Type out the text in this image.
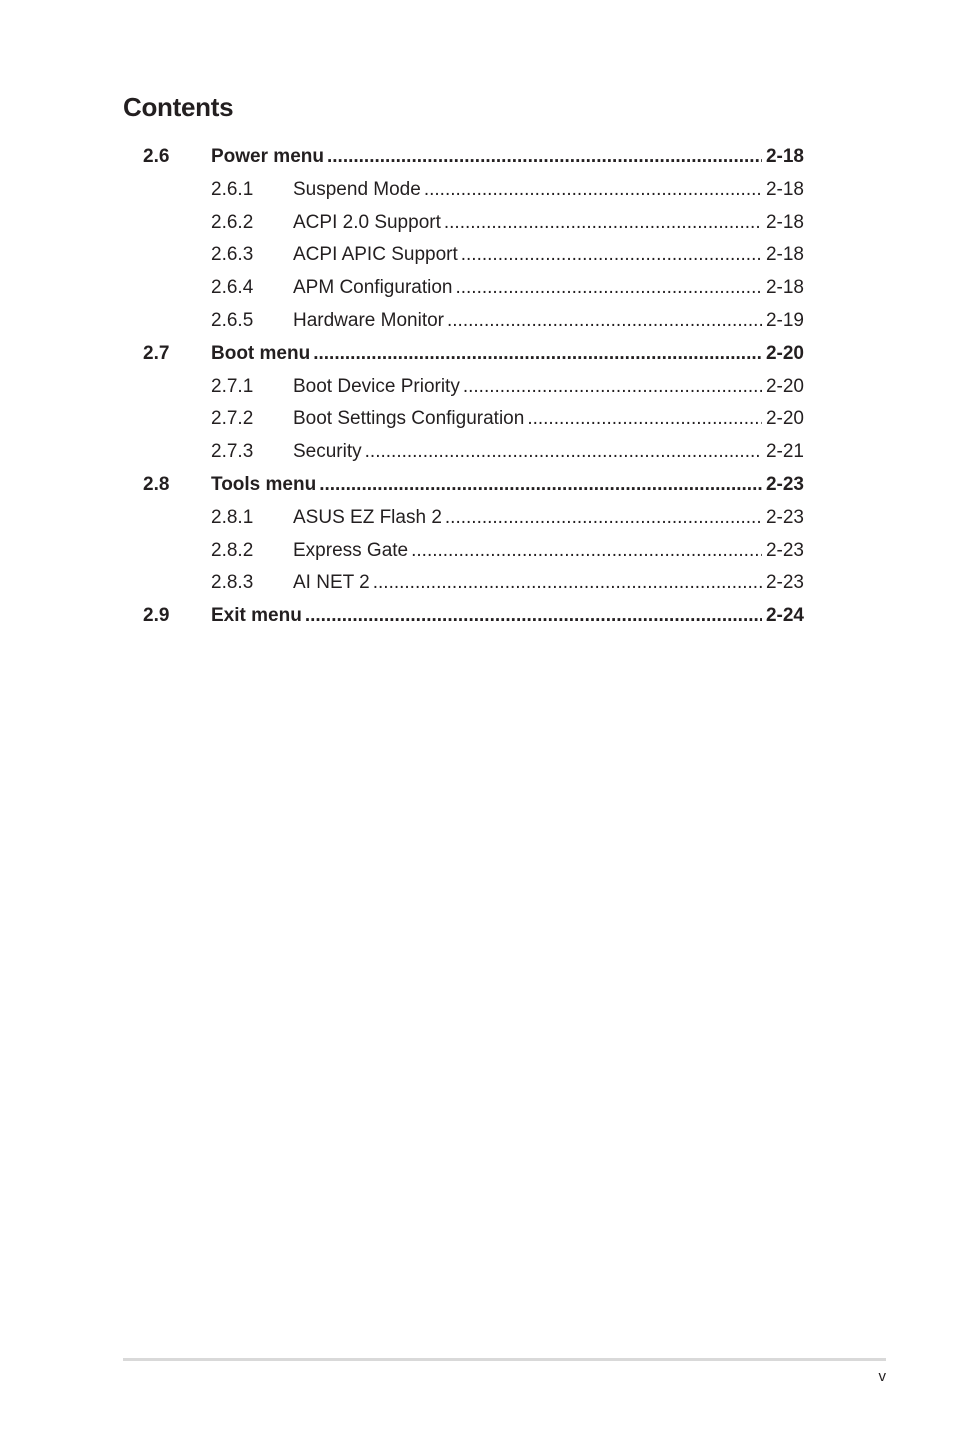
Contents
2.6	Power menu .....	2-18
2.6.1	Suspend Mode .....	2-18
2.6.2	ACPI 2.0 Support .....	2-18
2.6.3	ACPI APIC Support .....	2-18
2.6.4	APM Configuration .....	2-18
2.6.5	Hardware Monitor .....	2-19
2.7	Boot menu .....	2-20
2.7.1	Boot Device Priority .....	2-20
2.7.2	Boot Settings Configuration .....	2-20
2.7.3	Security .....	2-21
2.8	Tools menu .....	2-23
2.8.1	ASUS EZ Flash 2 .....	2-23
2.8.2	Express Gate .....	2-23
2.8.3	AI NET 2 .....	2-23
2.9	Exit menu .....	2-24
v
